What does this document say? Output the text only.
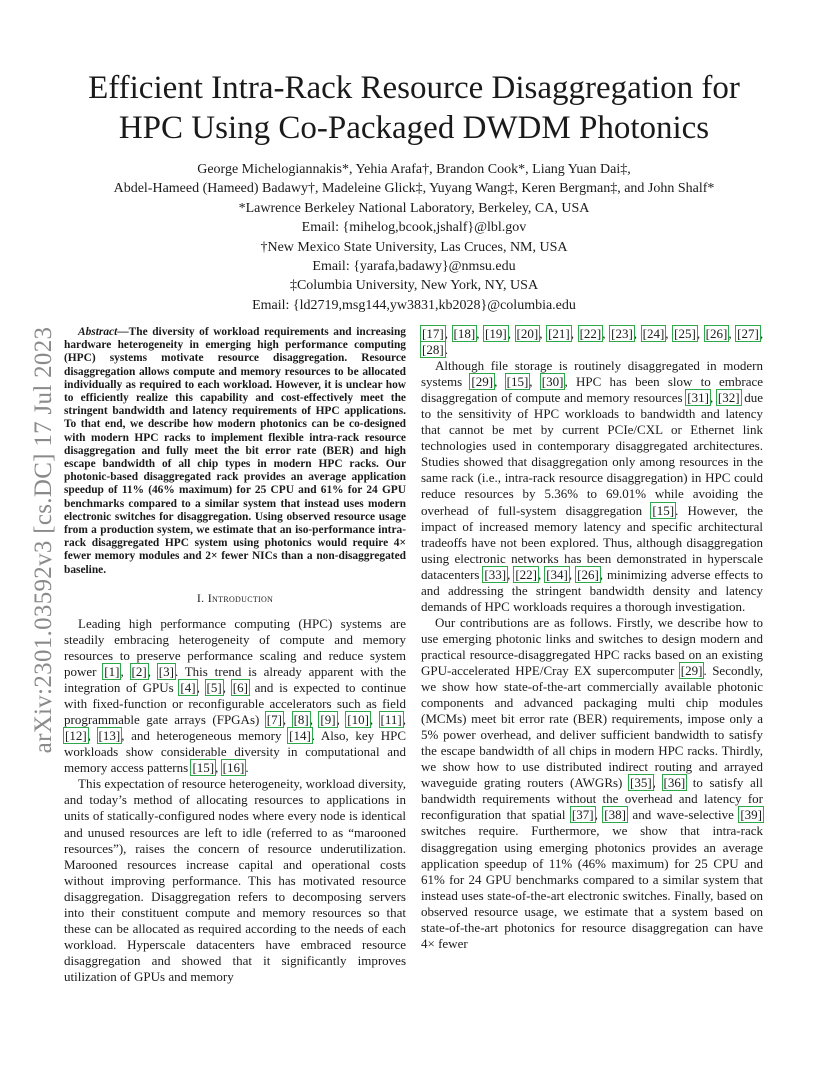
arXiv:2301.03592v3 [cs.DC] 17 Jul 2023
Efficient Intra-Rack Resource Disaggregation for
HPC Using Co-Packaged DWDM Photonics
George Michelogiannakis*, Yehia Arafa†, Brandon Cook*, Liang Yuan Dai‡,
Abdel-Hameed (Hameed) Badawy†, Madeleine Glick‡, Yuyang Wang‡, Keren Bergman‡, and John Shalf*
*Lawrence Berkeley National Laboratory, Berkeley, CA, USA
Email: {mihelog,bcook,jshalf}@lbl.gov
†New Mexico State University, Las Cruces, NM, USA
Email: {yarafa,badawy}@nmsu.edu
‡Columbia University, New York, NY, USA
Email: {ld2719,msg144,yw3831,kb2028}@columbia.edu

Abstract—The diversity of workload requirements and increasing hardware heterogeneity in emerging high performance computing (HPC) systems motivate resource disaggregation. Resource disaggregation allows compute and memory resources to be allocated individually as required to each workload. However, it is unclear how to efficiently realize this capability and cost-effectively meet the stringent bandwidth and latency requirements of HPC applications. To that end, we describe how modern photonics can be co-designed with modern HPC racks to implement flexible intra-rack resource disaggregation and fully meet the bit error rate (BER) and high escape bandwidth of all chip types in modern HPC racks. Our photonic-based disaggregated rack provides an average application speedup of 11% (46% maximum) for 25 CPU and 61% for 24 GPU benchmarks compared to a similar system that instead uses modern electronic switches for disaggregation. Using observed resource usage from a production system, we estimate that an iso-performance intra-rack disaggregated HPC system using photonics would require 4× fewer memory modules and 2× fewer NICs than a non-disaggregated baseline.

I. Introduction

Leading high performance computing (HPC) systems are steadily embracing heterogeneity of compute and memory resources to preserve performance scaling and reduce system power [ 1 ] , [ 2 ] , [ 3 ] . This trend is already apparent with the integration of GPUs [ 4 ] , [ 5 ] , [ 6 ] and is expected to continue with fixed-function or reconfigurable accelerators such as field programmable gate arrays (FPGAs) [ 7 ] , [ 8 ] , [ 9 ] , [ 10 ] , [ 11 ] , [ 12 ] , [ 13 ] , and heterogeneous memory [ 14 ] . Also, key HPC workloads show considerable diversity in computational and memory access patterns [ 15 ] , [ 16 ] .

This expectation of resource heterogeneity, workload diversity, and today’s method of allocating resources to applications in units of statically-configured nodes where every node is identical and unused resources are left to idle (referred to as “marooned resources”), raises the concern of resource underutilization. Marooned resources increase capital and operational costs without improving performance. This has motivated resource disaggregation. Disaggregation refers to decomposing servers into their constituent compute and memory resources so that these can be allocated as required according to the needs of each workload. Hyperscale datacenters have embraced resource disaggregation and showed that it significantly improves utilization of GPUs and memory

[ 17 ] , [ 18 ] , [ 19 ] , [ 20 ] , [ 21 ] , [ 22 ] , [ 23 ] , [ 24 ] , [ 25 ] , [ 26 ] , [ 27 ] , [ 28 ] .

Although file storage is routinely disaggregated in modern systems [ 29 ] , [ 15 ] , [ 30 ] , HPC has been slow to embrace disaggregation of compute and memory resources [ 31 ] , [ 32 ] due to the sensitivity of HPC workloads to bandwidth and latency that cannot be met by current PCIe/CXL or Ethernet link technologies used in contemporary disaggregated architectures. Studies showed that disaggregation only among resources in the same rack (i.e., intra-rack resource disaggregation) in HPC could reduce resources by 5.36% to 69.01% while avoiding the overhead of full-system disaggregation [ 15 ] . However, the impact of increased memory latency and specific architectural tradeoffs have not been explored. Thus, although disaggregation using electronic networks has been demonstrated in hyperscale datacenters [ 33 ] , [ 22 ] , [ 34 ] , [ 26 ] , minimizing adverse effects to and addressing the stringent bandwidth density and latency demands of HPC workloads requires a thorough investigation.

Our contributions are as follows. Firstly, we describe how to use emerging photonic links and switches to design modern and practical resource-disaggregated HPC racks based on an existing GPU-accelerated HPE/Cray EX supercomputer [ 29 ] . Secondly, we show how state-of-the-art commercially available photonic components and advanced packaging multi chip modules (MCMs) meet bit error rate (BER) requirements, impose only a 5% power overhead, and deliver sufficient bandwidth to satisfy the escape bandwidth of all chips in modern HPC racks. Thirdly, we show how to use distributed indirect routing and arrayed waveguide grating routers (AWGRs) [ 35 ] , [ 36 ] to satisfy all bandwidth requirements without the overhead and latency for reconfiguration that spatial [ 37 ] , [ 38 ] and wave-selective [ 39 ] switches require. Furthermore, we show that intra-rack disaggregation using emerging photonics provides an average application speedup of 11% (46% maximum) for 25 CPU and 61% for 24 GPU benchmarks compared to a similar system that instead uses state-of-the-art electronic switches. Finally, based on observed resource usage, we estimate that a system based on state-of-the-art photonics for resource disaggregation can have 4× fewer
